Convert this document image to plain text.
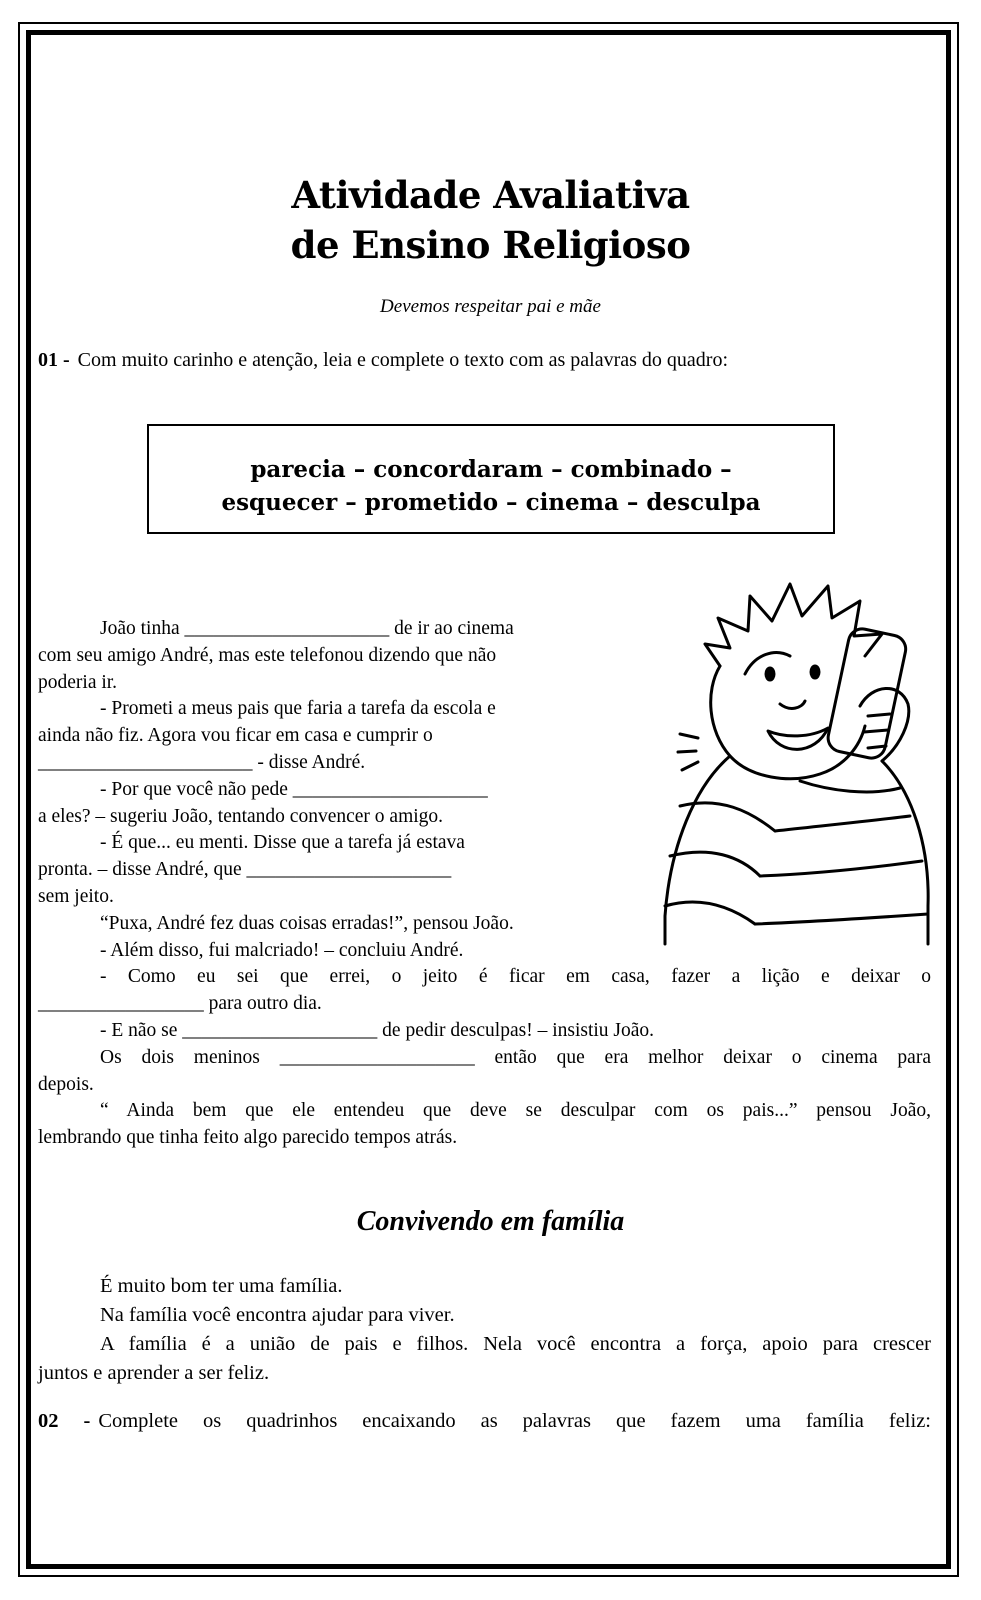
Atividade Avaliativa
de Ensino Religioso
Devemos respeitar pai e mãe
01 - Com muito carinho e atenção, leia e complete o texto com as palavras do quadro:
parecia – concordaram – combinado –
esquecer – prometido – cinema – desculpa

João tinha _____________________ de ir ao cinema

com seu amigo André, mas este telefonou dizendo que não

poderia ir.

- Prometi a meus pais que faria a tarefa da escola e

ainda não fiz. Agora vou ficar em casa e cumprir o

______________________ - disse André.

- Por que você não pede ____________________

a eles? – sugeriu João, tentando convencer o amigo.

- É que... eu menti. Disse que a tarefa já estava

pronta. – disse André, que _____________________

sem jeito.

“Puxa, André fez duas coisas erradas!”, pensou João.

- Além disso, fui malcriado! – concluiu André.

- Como eu sei que errei, o jeito é ficar em casa, fazer a lição e deixar o

_________________ para outro dia.

- E não se ____________________ de pedir desculpas! – insistiu João.

Os dois meninos ____________________ então que era melhor deixar o cinema para

depois.

“ Ainda bem que ele entendeu que deve se desculpar com os pais...” pensou João,

lembrando que tinha feito algo parecido tempos atrás.

Convivendo em família

É muito bom ter uma família.

Na família você encontra ajudar para viver.

A família é a união de pais e filhos. Nela você encontra a força, apoio para crescer

juntos e aprender a ser feliz.

02 - Complete os quadrinhos encaixando as palavras que fazem uma família feliz:
